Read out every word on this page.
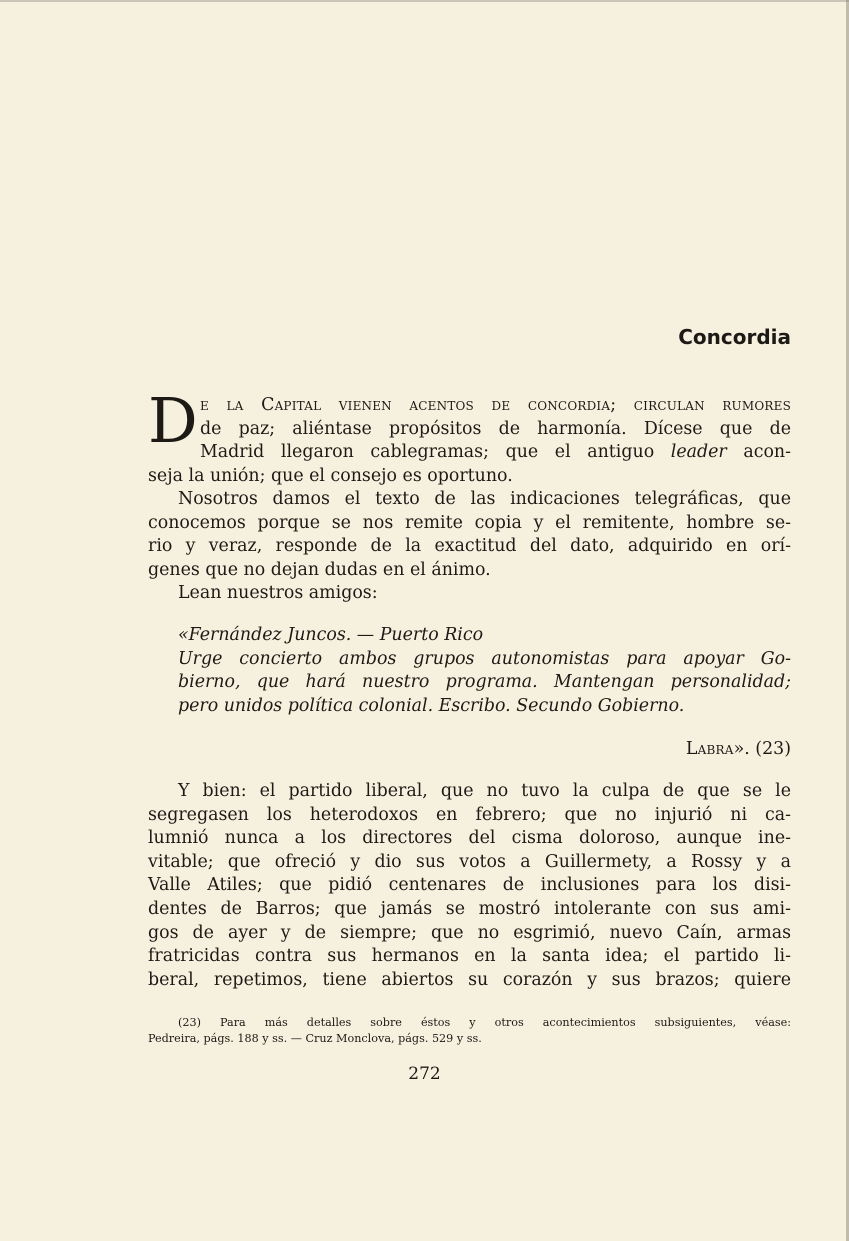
Concordia
D e la Capital vienen acentos de concordia; circulan rumores
de paz; aliéntase propósitos de harmonía. Dícese que de
Madrid llegaron cablegramas; que el antiguo leader acon-
seja la unión; que el consejo es oportuno.
Nosotros damos el texto de las indicaciones telegráficas, que
conocemos porque se nos remite copia y el remitente, hombre se-
rio y veraz, responde de la exactitud del dato, adquirido en orí-
genes que no dejan dudas en el ánimo.
Lean nuestros amigos:
«Fernández Juncos. — Puerto Rico
Urge concierto ambos grupos autonomistas para apoyar Go-
bierno, que hará nuestro programa. Mantengan personalidad;
pero unidos política colonial. Escribo. Secundo Gobierno.
Labra». (23)
Y bien: el partido liberal, que no tuvo la culpa de que se le
segregasen los heterodoxos en febrero; que no injurió ni ca-
lumnió nunca a los directores del cisma doloroso, aunque ine-
vitable; que ofreció y dio sus votos a Guillermety, a Rossy y a
Valle Atiles; que pidió centenares de inclusiones para los disi-
dentes de Barros; que jamás se mostró intolerante con sus ami-
gos de ayer y de siempre; que no esgrimió, nuevo Caín, armas
fratricidas contra sus hermanos en la santa idea; el partido li-
beral, repetimos, tiene abiertos su corazón y sus brazos; quiere
(23) Para más detalles sobre éstos y otros acontecimientos subsiguientes, véase:
Pedreira, págs. 188 y ss. — Cruz Monclova, págs. 529 y ss.
272
